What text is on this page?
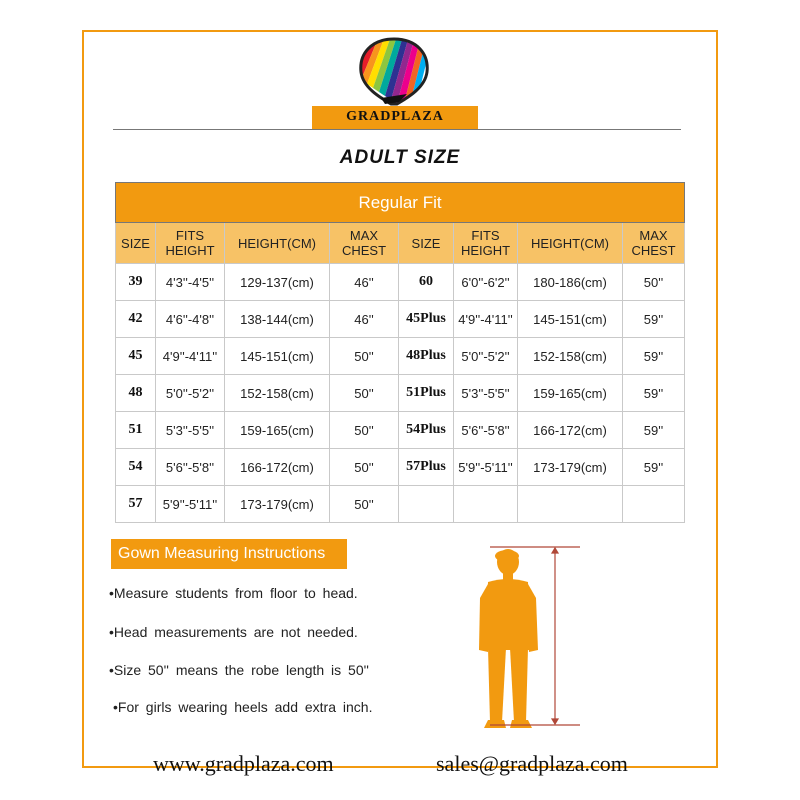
GRADPLAZA
ADULT SIZE
Regular Fit							
SIZE	FITS HEIGHT	HEIGHT(CM)	MAX CHEST	SIZE	FITS HEIGHT	HEIGHT(CM)	MAX CHEST
39	4'3''-4'5''	129-137(cm)	46''	60	6'0''-6'2''	180-186(cm)	50''
42	4'6''-4'8''	138-144(cm)	46''	45Plus	4'9''-4'11''	145-151(cm)	59''
45	4'9''-4'11''	145-151(cm)	50''	48Plus	5'0''-5'2''	152-158(cm)	59''
48	5'0''-5'2''	152-158(cm)	50''	51Plus	5'3''-5'5''	159-165(cm)	59''
51	5'3''-5'5''	159-165(cm)	50''	54Plus	5'6''-5'8''	166-172(cm)	59''
54	5'6''-5'8''	166-172(cm)	50''	57Plus	5'9''-5'11''	173-179(cm)	59''
57	5'9''-5'11''	173-179(cm)	50''				
Gown Measuring Instructions
•Measure students from floor to head.
•Head measurements are not needed.
•Size 50'' means the robe length is 50''
•For girls wearing heels add extra inch.
www.gradplaza.com	sales@gradplaza.com
